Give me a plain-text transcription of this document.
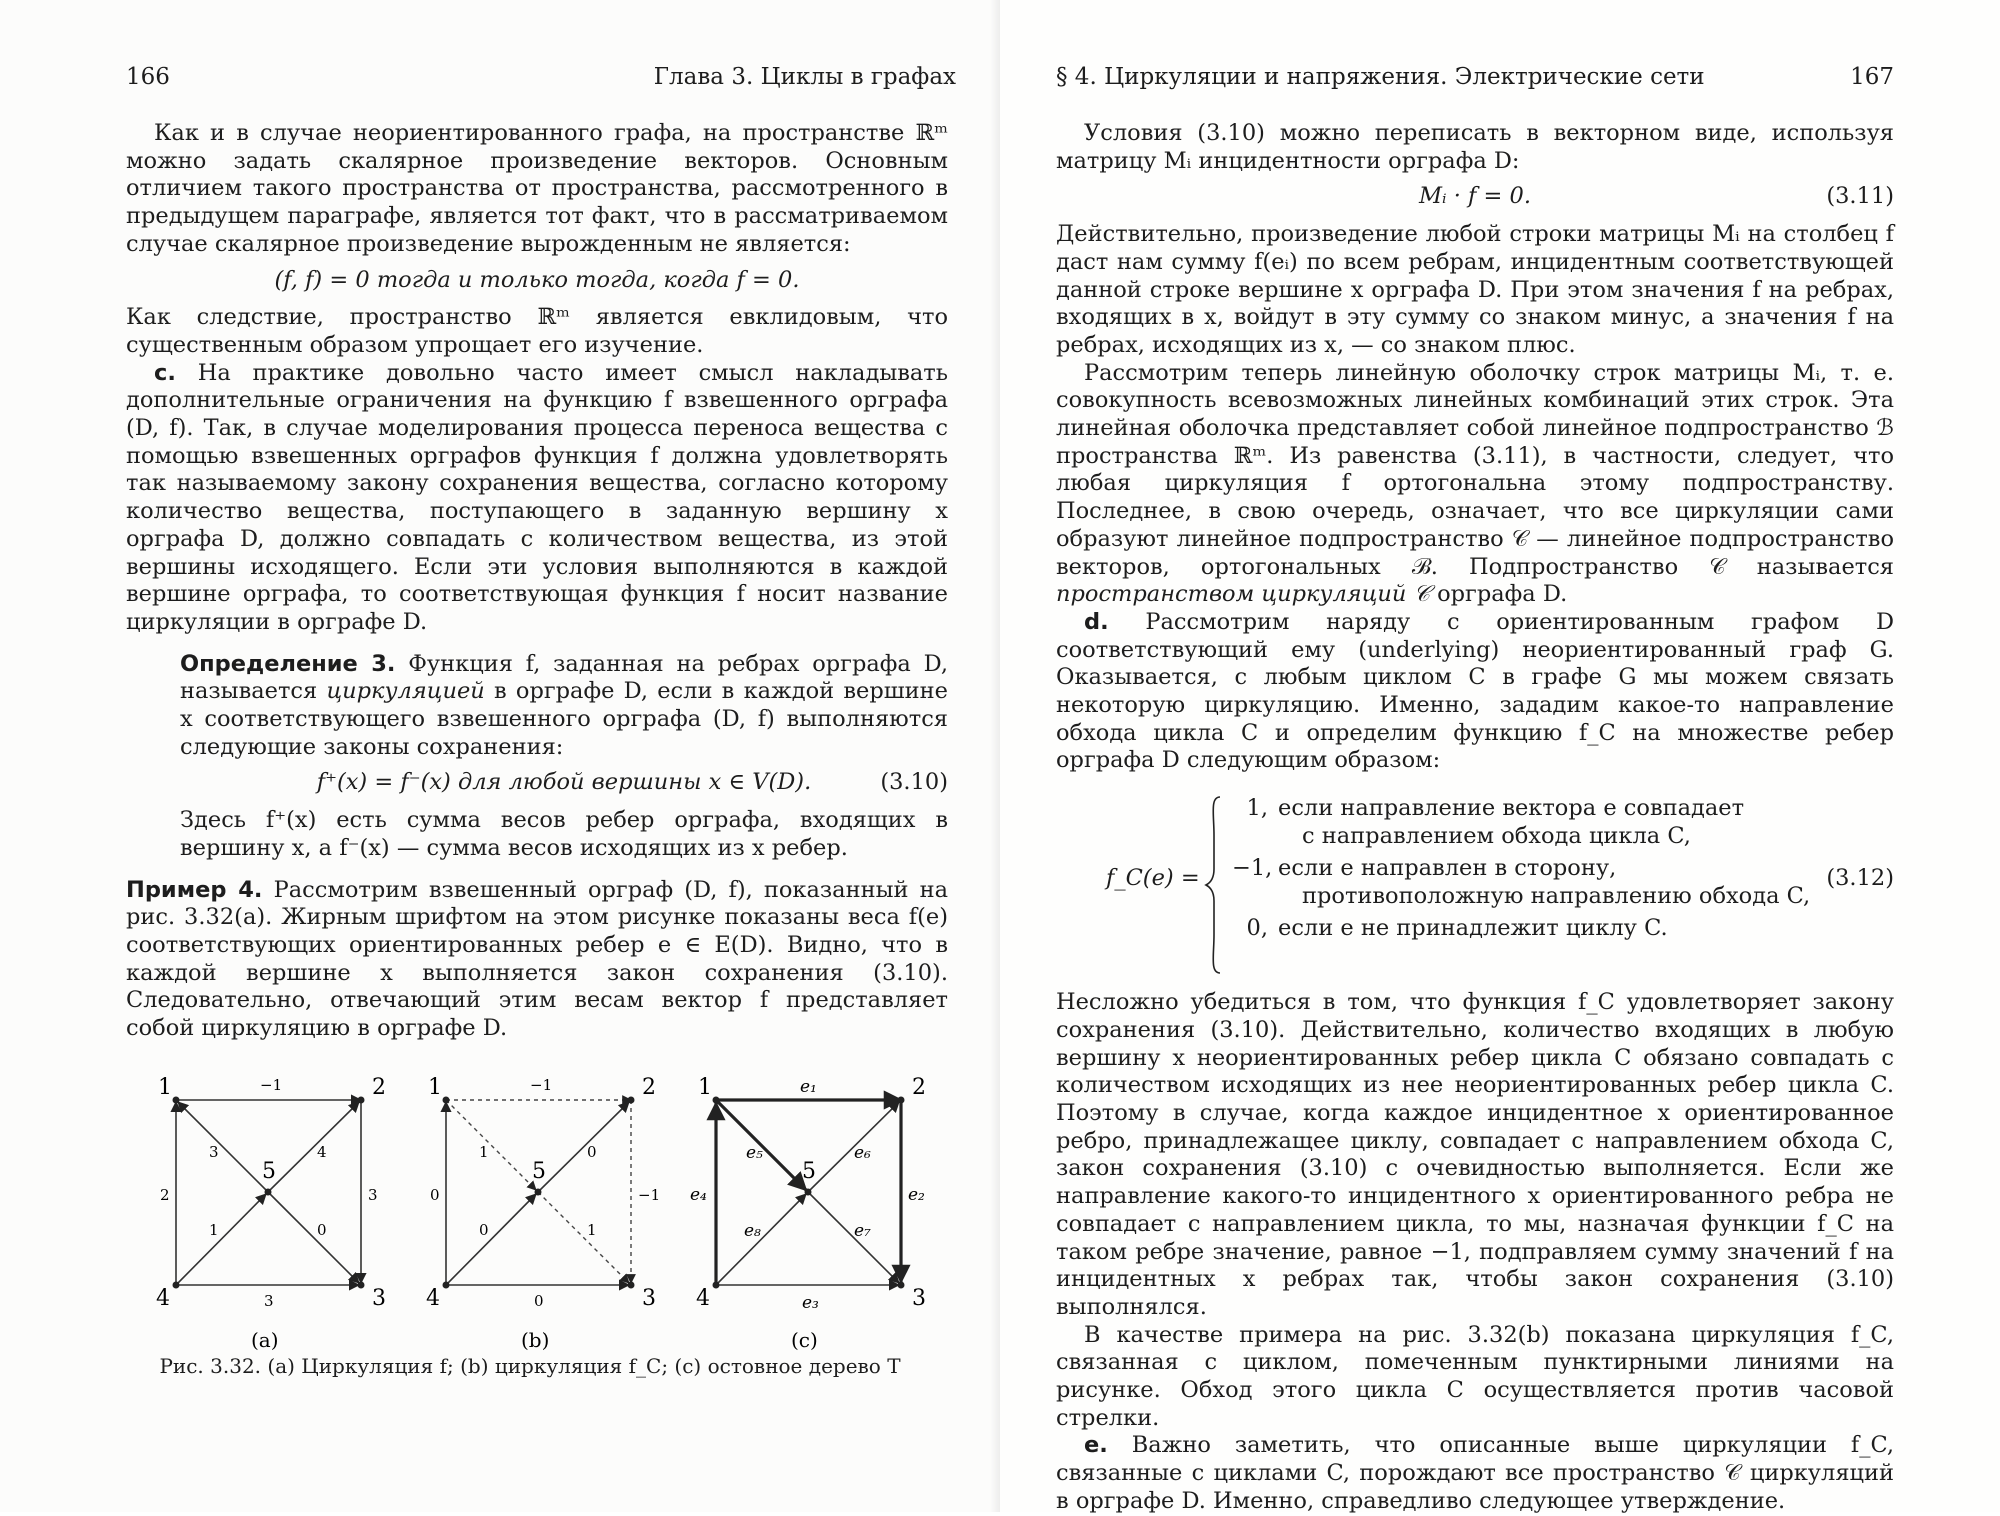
166	Глава 3. Циклы в графах

Как и в случае неориентированного графа, на пространстве ℝᵐ можно задать скалярное произведение векторов. Основным отличием такого пространства от пространства, рассмотренного в предыдущем параграфе, является тот факт, что в рассматриваемом случае скалярное произведение вырожденным не является:

(f, f) = 0 тогда и только тогда, когда f = 0.

Как следствие, пространство ℝᵐ является евклидовым, что существенным образом упрощает его изучение.

c. На практике довольно часто имеет смысл накладывать дополнительные ограничения на функцию f взвешенного орграфа (D, f). Так, в случае моделирования процесса переноса вещества с помощью взвешенных орграфов функция f должна удовлетворять так называемому закону сохранения вещества, согласно которому количество вещества, поступающего в заданную вершину x орграфа D, должно совпадать с количеством вещества, из этой вершины исходящего. Если эти условия выполняются в каждой вершине орграфа, то соответствующая функция f носит название циркуляции в орграфе D.

Определение 3. Функция f, заданная на ребрах орграфа D, называется циркуляцией в орграфе D, если в каждой вершине x соответствующего взвешенного орграфа (D, f) выполняются следующие законы сохранения:

f⁺(x) = f⁻(x) для любой вершины x ∈ V(D).	(3.10)

Здесь f⁺(x) есть сумма весов ребер орграфа, входящих в вершину x, а f⁻(x) — сумма весов исходящих из x ребер.

Пример 4. Рассмотрим взвешенный орграф (D, f), показанный на рис. 3.32(a). Жирным шрифтом на этом рисунке показаны веса f(e) соответствующих ориентированных ребер e ∈ E(D). Видно, что в каждой вершине x выполняется закон сохранения (3.10). Следовательно, отвечающий этим весам вектор f представляет собой циркуляцию в орграфе D.

1	2
3
4
5
−1
2	3
3
3	4
1	0
(a)
1	2
3
4
5
−1
0	−1
0
1	0
0	1
(b)
1	2
3
4
5
e₁
e₄	e₂
e₃
e₅	e₆
e₈	e₇
(c)
Рис. 3.32. (a) Циркуляция f; (b) циркуляция f_C; (c) остовное дерево T
§ 4. Циркуляции и напряжения. Электрические сети	167

Условия (3.10) можно переписать в векторном виде, используя матрицу Mᵢ инцидентности орграфа D:

Mᵢ · f = 0.	(3.11)

Действительно, произведение любой строки матрицы Mᵢ на столбец f даст нам сумму f(eᵢ) по всем ребрам, инцидентным соответствующей данной строке вершине x орграфа D. При этом значения f на ребрах, входящих в x, войдут в эту сумму со знаком минус, а значения f на ребрах, исходящих из x, — со знаком плюс.

Рассмотрим теперь линейную оболочку строк матрицы Mᵢ, т. е. совокупность всевозможных линейных комбинаций этих строк. Эта линейная оболочка представляет собой линейное подпространство ℬ пространства ℝᵐ. Из равенства (3.11), в частности, следует, что любая циркуляция f ортогональна этому подпространству. Последнее, в свою очередь, означает, что все циркуляции сами образуют линейное подпространство 𝒞 — линейное подпространство векторов, ортогональных ℬ. Подпространство 𝒞 называется пространством циркуляций 𝒞 орграфа D.

d. Рассмотрим наряду с ориентированным графом D соответствующий ему (underlying) неориентированный граф G. Оказывается, с любым циклом C в графе G мы можем связать некоторую циркуляцию. Именно, зададим какое-то направление обхода цикла C и определим функцию f_C на множестве ребер орграфа D следующим образом:

f_C(e) =
1, если направление вектора e совпадает
с направлением обхода цикла C,
−1, если e направлен в сторону,
противоположную направлению обхода C,
0, если e не принадлежит циклу C.
(3.12)

Несложно убедиться в том, что функция f_C удовлетворяет закону сохранения (3.10). Действительно, количество входящих в любую вершину x неориентированных ребер цикла C обязано совпадать с количеством исходящих из нее неориентированных ребер цикла C. Поэтому в случае, когда каждое инцидентное x ориентированное ребро, принадлежащее циклу, совпадает с направлением обхода C, закон сохранения (3.10) с очевидностью выполняется. Если же направление какого-то инцидентного x ориентированного ребра не совпадает с направлением цикла, то мы, назначая функции f_C на таком ребре значение, равное −1, подправляем сумму значений f на инцидентных x ребрах так, чтобы закон сохранения (3.10) выполнялся.

В качестве примера на рис. 3.32(b) показана циркуляция f_C, связанная с циклом, помеченным пунктирными линиями на рисунке. Обход этого цикла C осуществляется против часовой стрелки.

e. Важно заметить, что описанные выше циркуляции f_C, связанные с циклами C, порождают все пространство 𝒞 циркуляций в орграфе D. Именно, справедливо следующее утверждение.
